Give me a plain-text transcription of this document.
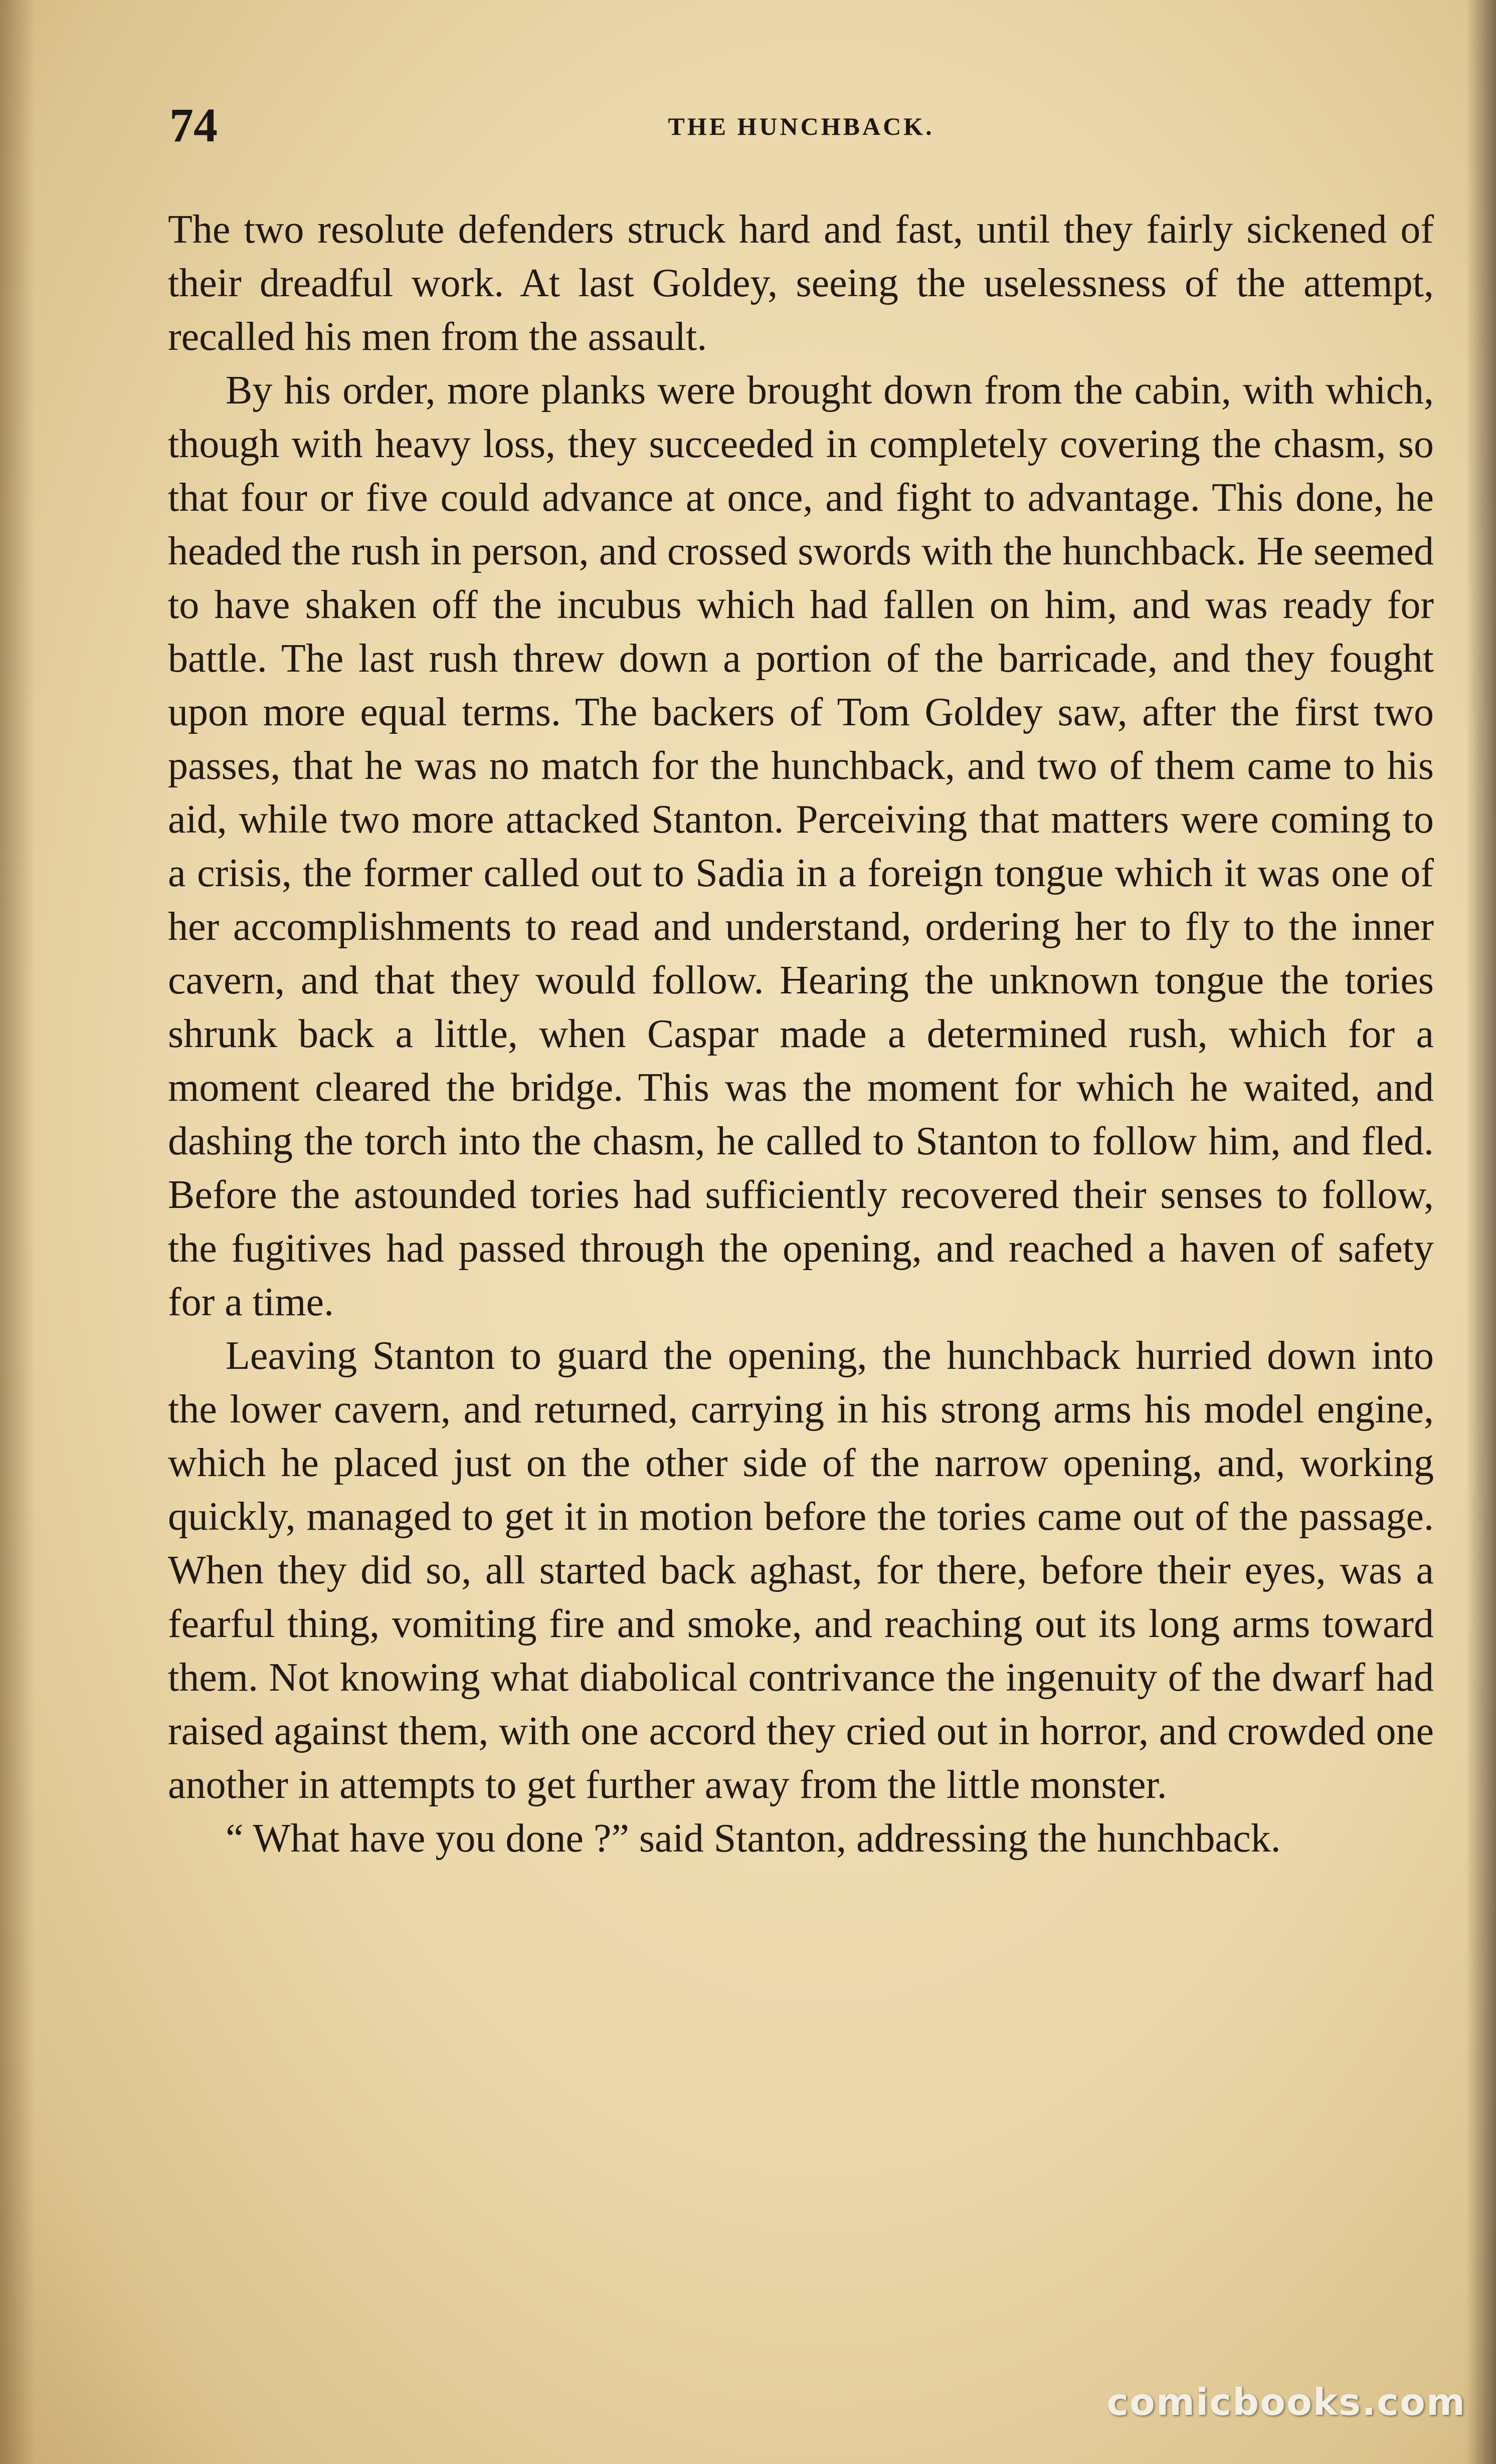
74	THE HUNCHBACK.

The two resolute defenders struck hard and fast, until they fairly sickened of their dreadful work. At last Goldey, seeing the uselessness of the attempt, recalled his men from the assault.

By his order, more planks were brought down from the cabin, with which, though with heavy loss, they succeeded in completely covering the chasm, so that four or five could advance at once, and fight to advantage. This done, he headed the rush in person, and crossed swords with the hunchback. He seemed to have shaken off the incubus which had fallen on him, and was ready for battle. The last rush threw down a portion of the barricade, and they fought upon more equal terms. The backers of Tom Goldey saw, after the first two passes, that he was no match for the hunchback, and two of them came to his aid, while two more attacked Stanton. Perceiving that matters were coming to a crisis, the former called out to Sadia in a foreign tongue which it was one of her accomplishments to read and understand, ordering her to fly to the inner cavern, and that they would follow. Hearing the unknown tongue the tories shrunk back a little, when Caspar made a determined rush, which for a moment cleared the bridge. This was the moment for which he waited, and dashing the torch into the chasm, he called to Stanton to follow him, and fled. Before the astounded tories had sufficiently recovered their senses to follow, the fugitives had passed through the opening, and reached a haven of safety for a time.

Leaving Stanton to guard the opening, the hunchback hurried down into the lower cavern, and returned, carrying in his strong arms his model engine, which he placed just on the other side of the narrow opening, and, working quickly, managed to get it in motion before the tories came out of the passage. When they did so, all started back aghast, for there, before their eyes, was a fearful thing, vomiting fire and smoke, and reaching out its long arms toward them. Not knowing what diabolical contrivance the ingenuity of the dwarf had raised against them, with one accord they cried out in horror, and crowded one another in attempts to get further away from the little monster.

“ What have you done ?” said Stanton, addressing the hunchback.

comicbooks.com
